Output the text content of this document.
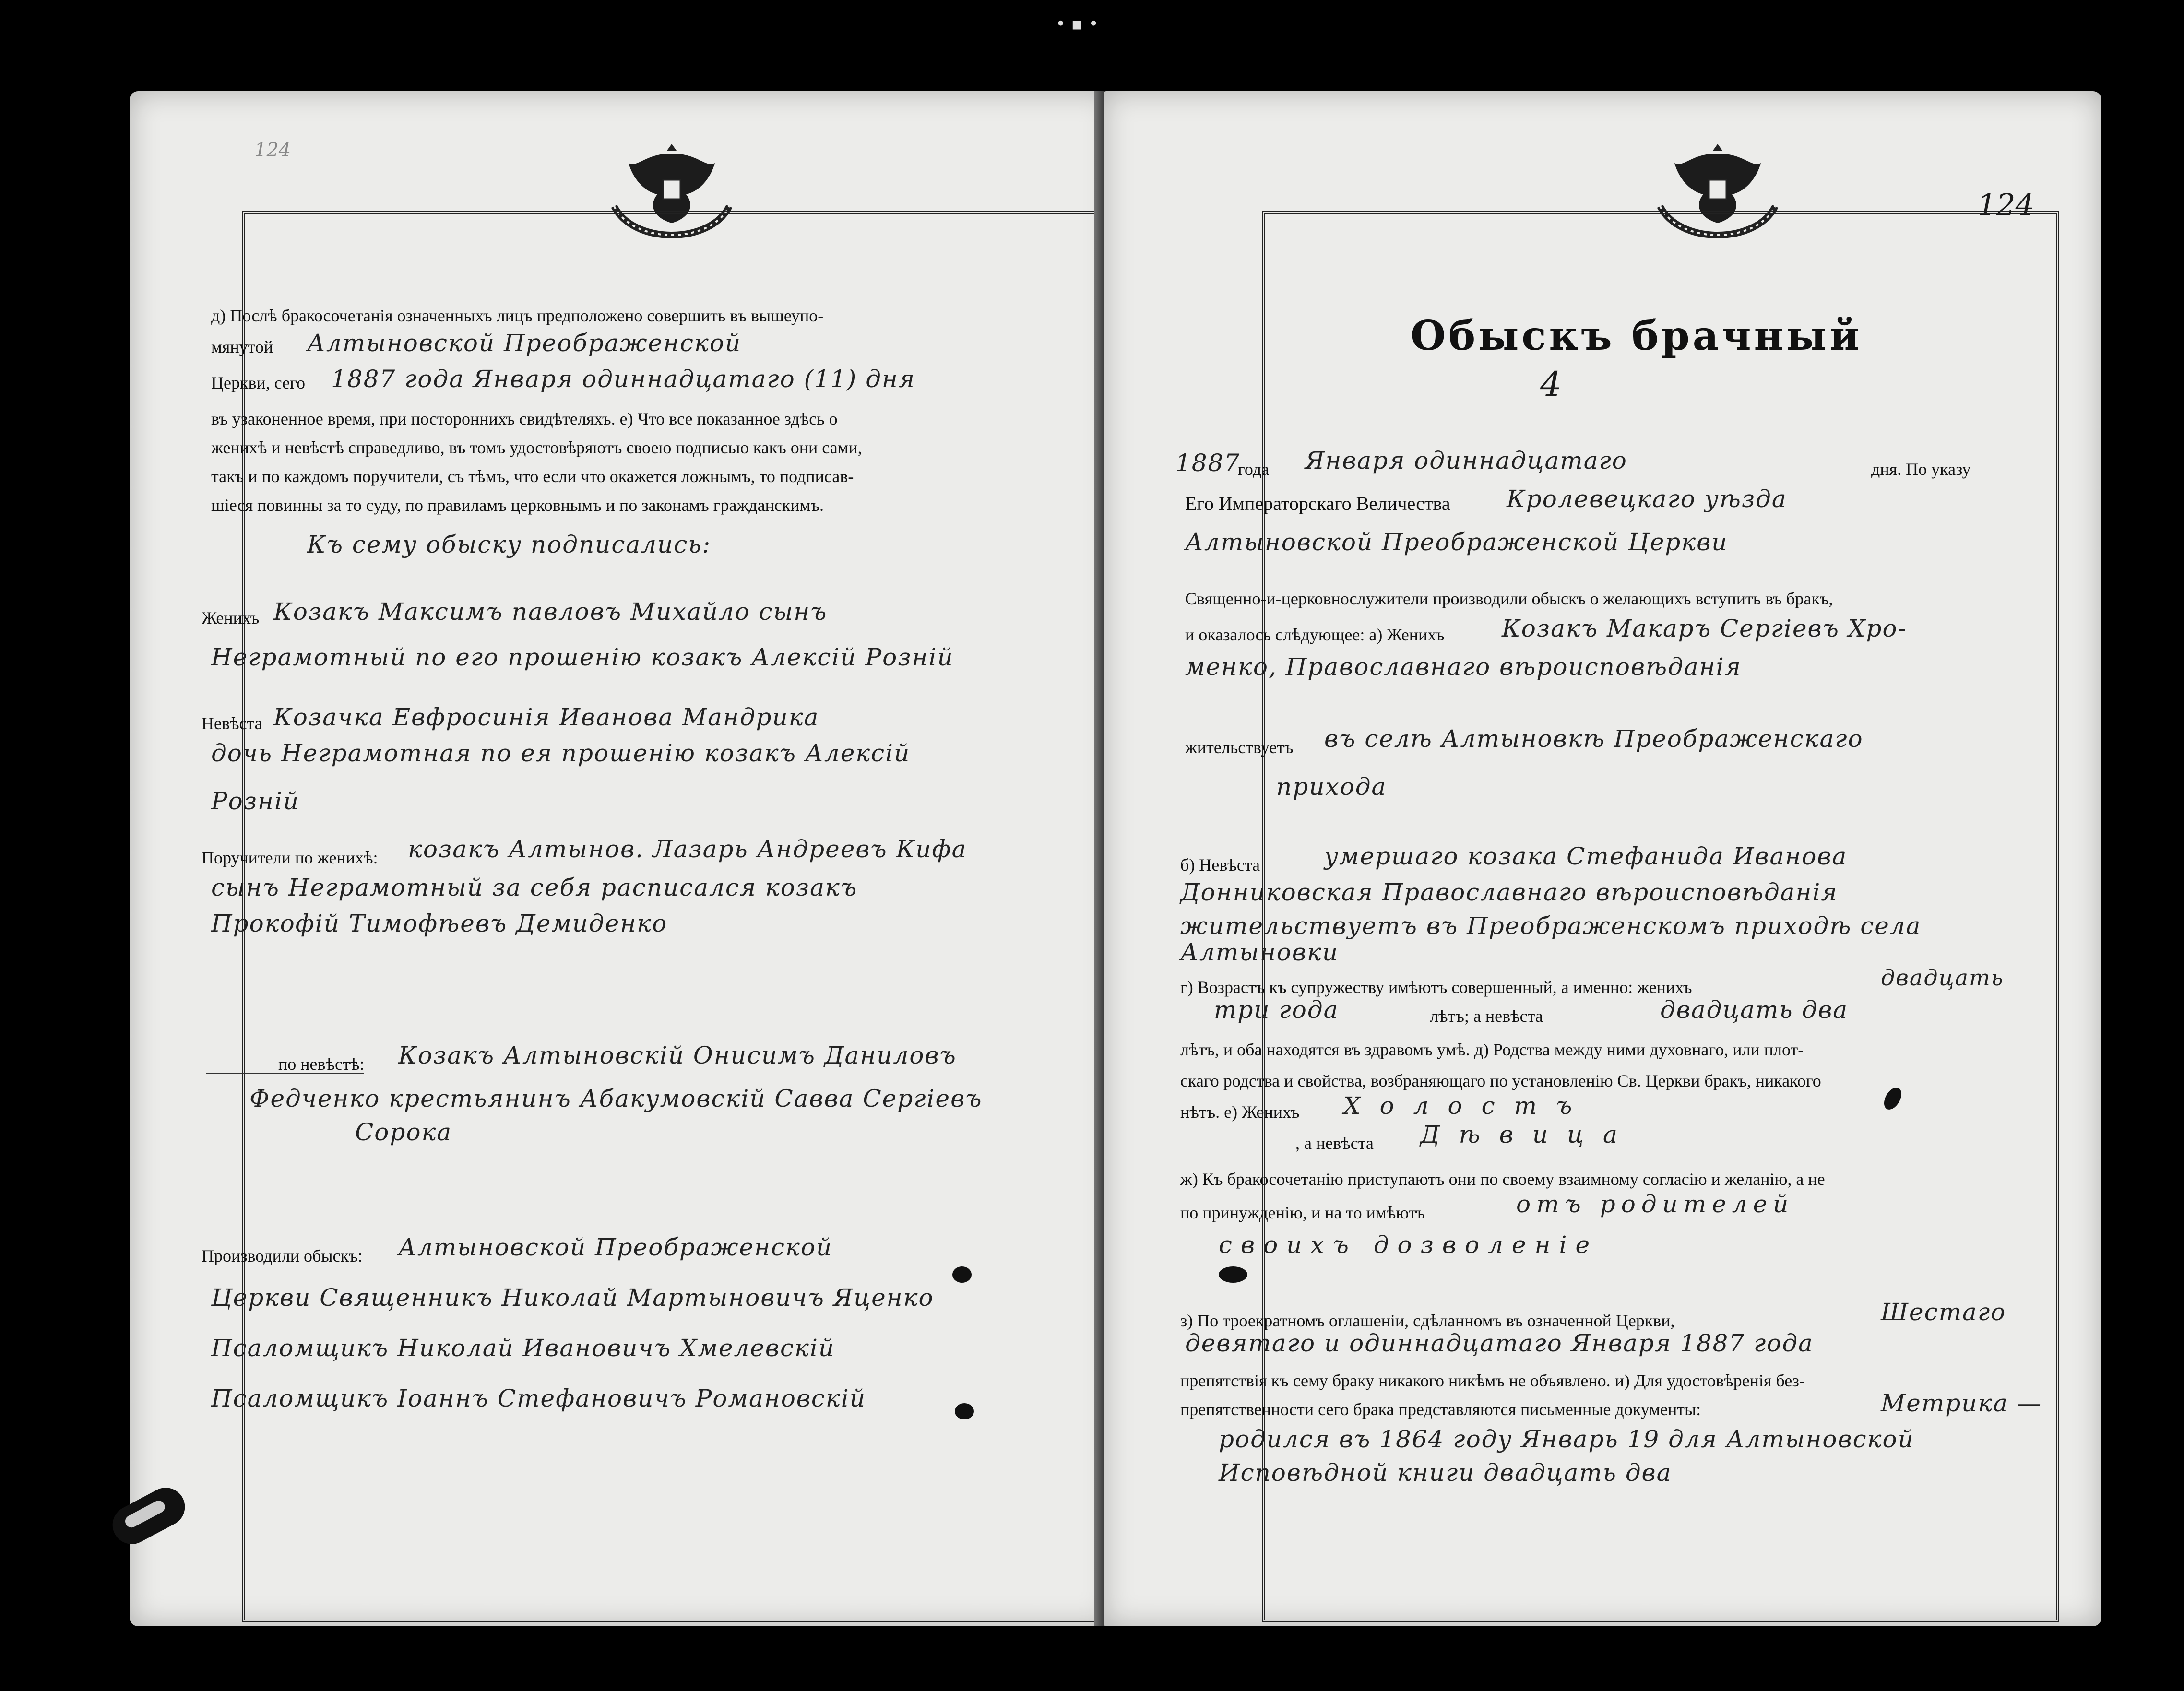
• ▪ •
124
124
д) Послѣ бракосочетанія означенныхъ лицъ предположено совершить въ вышеупо-
мянутой Алтыновской Преображенской
Церкви, сего 1887 года Января одиннадцатаго (11) дня
въ узаконенное время, при постороннихъ свидѣтеляхъ. е) Что все показанное здѣсь о
женихѣ и невѣстѣ справедливо, въ томъ удостовѣряютъ своею подписью какъ они сами,
такъ и по каждомъ поручители, съ тѣмъ, что если что окажется ложнымъ, то подписав-
шіеся повинны за то суду, по правиламъ церковнымъ и по законамъ гражданскимъ.
Къ сему обыску подписались:
Женихъ Козакъ Максимъ павловъ Михайло сынъ
Неграмотный по его прошенію козакъ Алексій Розній
Невѣста Козачка Евфросинія Иванова Мандрика
дочь Неграмотная по ея прошенію козакъ Алексій
Розній
Поручители по женихѣ: козакъ Алтынов. Лазарь Андреевъ Кифа
сынъ Неграмотный за себя расписался козакъ
Прокофій Тимофѣевъ Демиденко
по невѣстѣ: Козакъ Алтыновскій Онисимъ Даниловъ
Федченко крестьянинъ Абакумовскій Савва Сергіевъ
Сорока
Производили обыскъ: Алтыновской Преображенской
Церкви Священникъ Николай Мартыновичъ Яценко
Псаломщикъ Николай Ивановичъ Хмелевскій
Псаломщикъ Іоаннъ Стефановичъ Романовскій
Обыскъ брачный
4
1887
года Января одиннадцатаго	дня. По указу
Его Императорскаго Величества Кролевецкаго уѣзда
Алтыновской Преображенской Церкви
Священно-и-церковнослужители производили обыскъ о желающихъ вступить въ бракъ,
и оказалось слѣдующее: а) Женихъ Козакъ Макаръ Сергіевъ Хро-
менко, Православнаго вѣроисповѣданія
жительствуетъ въ селѣ Алтыновкѣ Преображенскаго
прихода
б) Невѣста	умершаго козака Стефанида Иванова
Донниковская Православнаго вѣроисповѣданія
жительствуетъ въ Преображенскомъ приходѣ села
Алтыновки
г) Возрастъ къ супружеству имѣютъ совершенный, а именно: женихъ	двадцать
три года	лѣтъ; а невѣста	двадцать два
лѣтъ, и оба находятся въ здравомъ умѣ. д) Родства между ними духовнаго, или плот-
скаго родства и свойства, возбраняющаго по установленію Св. Церкви бракъ, никакого
нѣтъ. е) Женихъ Холостъ
, а невѣста Дѣвица
ж) Къ бракосочетанію приступаютъ они по своему взаимному согласію и желанію, а не
по принужденію, и на то имѣютъ	отъ родителей
своихъ дозволеніе
з) По троекратномъ оглашеніи, сдѣланномъ въ означенной Церкви,	Шестаго
девятаго и одиннадцатаго Января 1887 года
препятствія къ сему браку никакого никѣмъ не объявлено. и) Для удостовѣренія без-
препятственности сего брака представляются письменные документы:	Метрика —
родился въ 1864 году Январь 19 для Алтыновской
Исповѣдной книги двадцать два
